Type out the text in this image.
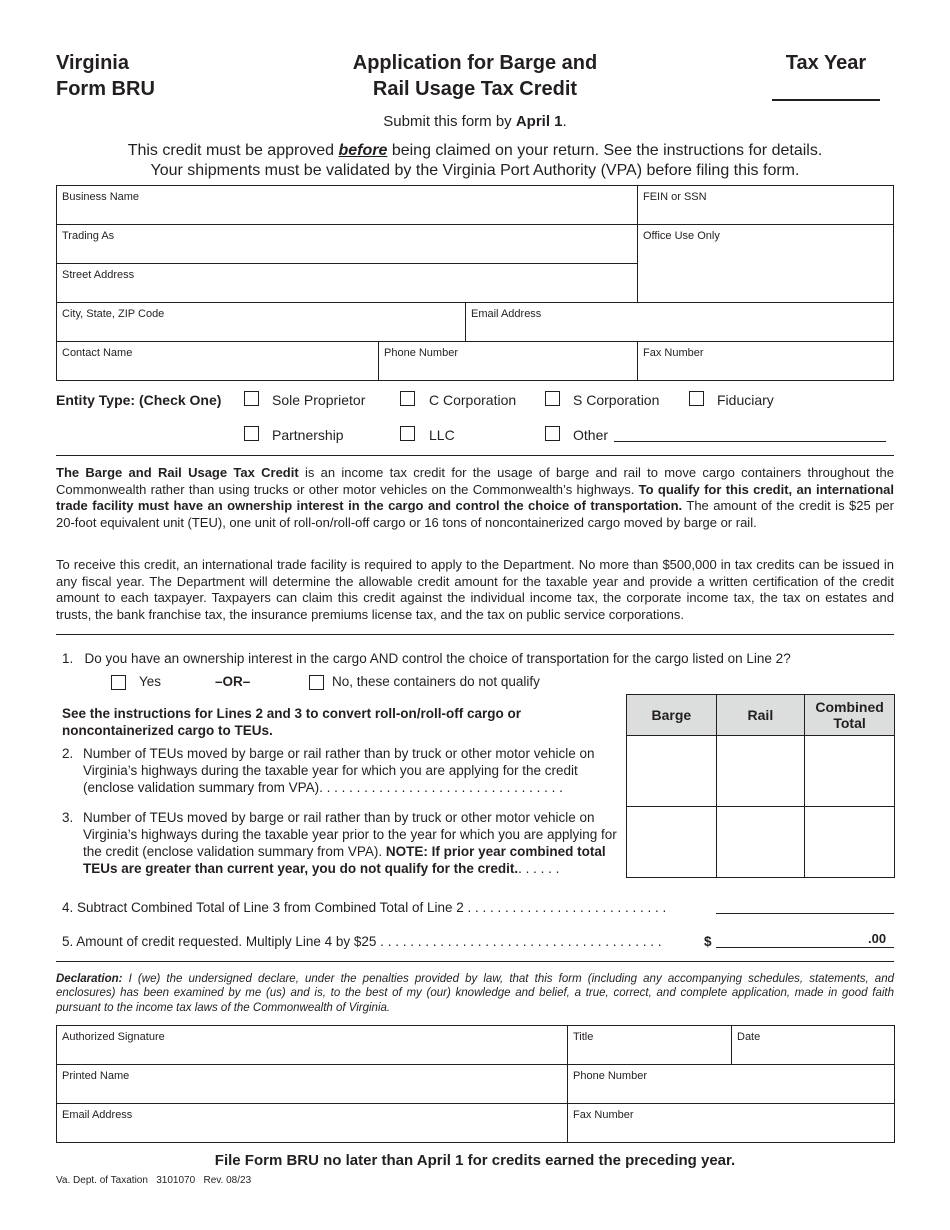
Virginia
Form BRU
Application for Barge and
Rail Usage Tax Credit
Tax Year
Submit this form by April 1.
This credit must be approved before being claimed on your return. See the instructions for details.
Your shipments must be validated by the Virginia Port Authority (VPA) before filing this form.
Business Name	FEIN or SSN
Trading As	Office Use Only
Street Address
City, State, ZIP Code	Email Address
Contact Name	Phone Number	Fax Number
Entity Type: (Check One)	Sole Proprietor	C Corporation	S Corporation	Fiduciary
Partnership	LLC	Other
The Barge and Rail Usage Tax Credit is an income tax credit for the usage of barge and rail to move cargo containers throughout the Commonwealth rather than using trucks or other motor vehicles on the Commonwealth’s highways. To qualify for this credit, an international trade facility must have an ownership interest in the cargo and control the choice of transportation. The amount of the credit is $25 per 20-foot equivalent unit (TEU), one unit of roll-on/roll-off cargo or 16 tons of noncontainerized cargo moved by barge or rail.
To receive this credit, an international trade facility is required to apply to the Department. No more than $500,000 in tax credits can be issued in any fiscal year. The Department will determine the allowable credit amount for the taxable year and provide a written certification of the credit amount to each taxpayer. Taxpayers can claim this credit against the individual income tax, the corporate income tax, the tax on estates and trusts, the bank franchise tax, the insurance premiums license tax, and the tax on public service corporations.
1. Do you have an ownership interest in the cargo AND control the choice of transportation for the cargo listed on Line 2?
Yes	–OR–	No, these containers do not qualify
See the instructions for Lines 2 and 3 to convert roll-on/roll-off cargo or noncontainerized cargo to TEUs.
2. Number of TEUs moved by barge or rail rather than by truck or other motor vehicle on Virginia’s highways during the taxable year for which you are applying for the credit (enclose validation summary from VPA). . . . . . . . . . . . . . . . . . . . . . . . . . . . . . . . .
3. Number of TEUs moved by barge or rail rather than by truck or other motor vehicle on Virginia’s highways during the taxable year prior to the year for which you are applying for the credit (enclose validation summary from VPA). NOTE: If prior year combined total TEUs are greater than current year, you do not qualify for the credit.. . . . . .
Barge	Rail	Combined
Total

4. Subtract Combined Total of Line 3 from Combined Total of Line 2 . . . . . . . . . . . . . . . . . . . . . . . . . . .
5. Amount of credit requested. Multiply Line 4 by $25 . . . . . . . . . . . . . . . . . . . . . . . . . . . . . . . . . . . . . .	$	.00
Declaration: I (we) the undersigned declare, under the penalties provided by law, that this form (including any accompanying schedules, statements, and enclosures) has been examined by me (us) and is, to the best of my (our) knowledge and belief, a true, correct, and complete application, made in good faith pursuant to the income tax laws of the Commonwealth of Virginia.
Authorized Signature	Title	Date
Printed Name	Phone Number
Email Address	Fax Number
File Form BRU no later than April 1 for credits earned the preceding year.
Va. Dept. of Taxation   3101070   Rev. 08/23
